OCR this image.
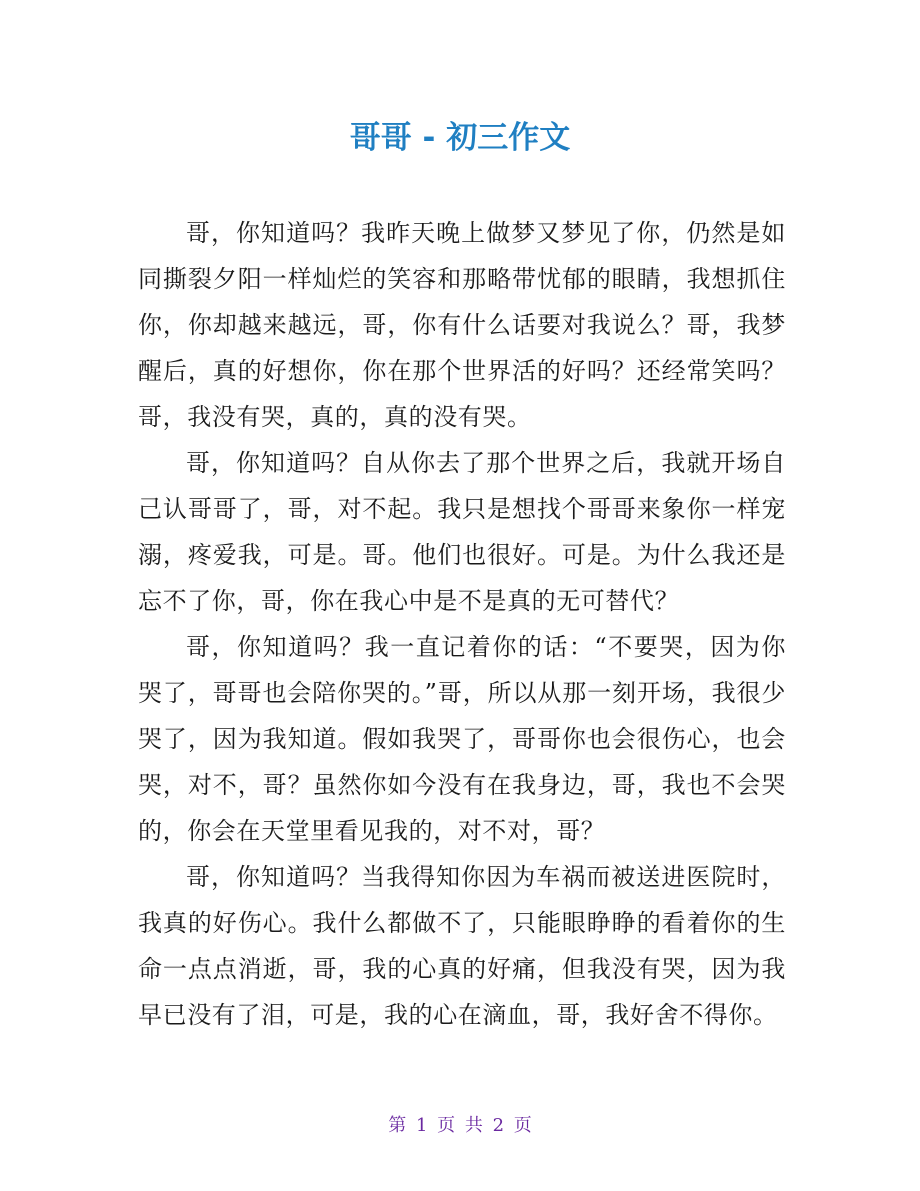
哥哥 - 初三作文

哥，你知道吗？我昨天晚上做梦又梦见了你，仍然是如同撕裂夕阳一样灿烂的笑容和那略带忧郁的眼睛，我想抓住你，你却越来越远，哥，你有什么话要对我说么？哥，我梦醒后，真的好想你，你在那个世界活的好吗？还经常笑吗？哥，我没有哭，真的，真的没有哭。

哥，你知道吗？自从你去了那个世界之后，我就开场自己认哥哥了，哥，对不起。我只是想找个哥哥来象你一样宠溺，疼爱我，可是。哥。他们也很好。可是。为什么我还是忘不了你，哥，你在我心中是不是真的无可替代？

哥，你知道吗？我一直记着你的话：“不要哭，因为你哭了，哥哥也会陪你哭的。”哥，所以从那一刻开场，我很少哭了，因为我知道。假如我哭了，哥哥你也会很伤心，也会哭，对不，哥？虽然你如今没有在我身边，哥，我也不会哭的，你会在天堂里看见我的，对不对，哥？

哥，你知道吗？当我得知你因为车祸而被送进医院时，我真的好伤心。我什么都做不了，只能眼睁睁的看着你的生命一点点消逝，哥，我的心真的好痛，但我没有哭，因为我早已没有了泪，可是，我的心在滴血，哥，我好舍不得你。

第 1 页 共 2 页
